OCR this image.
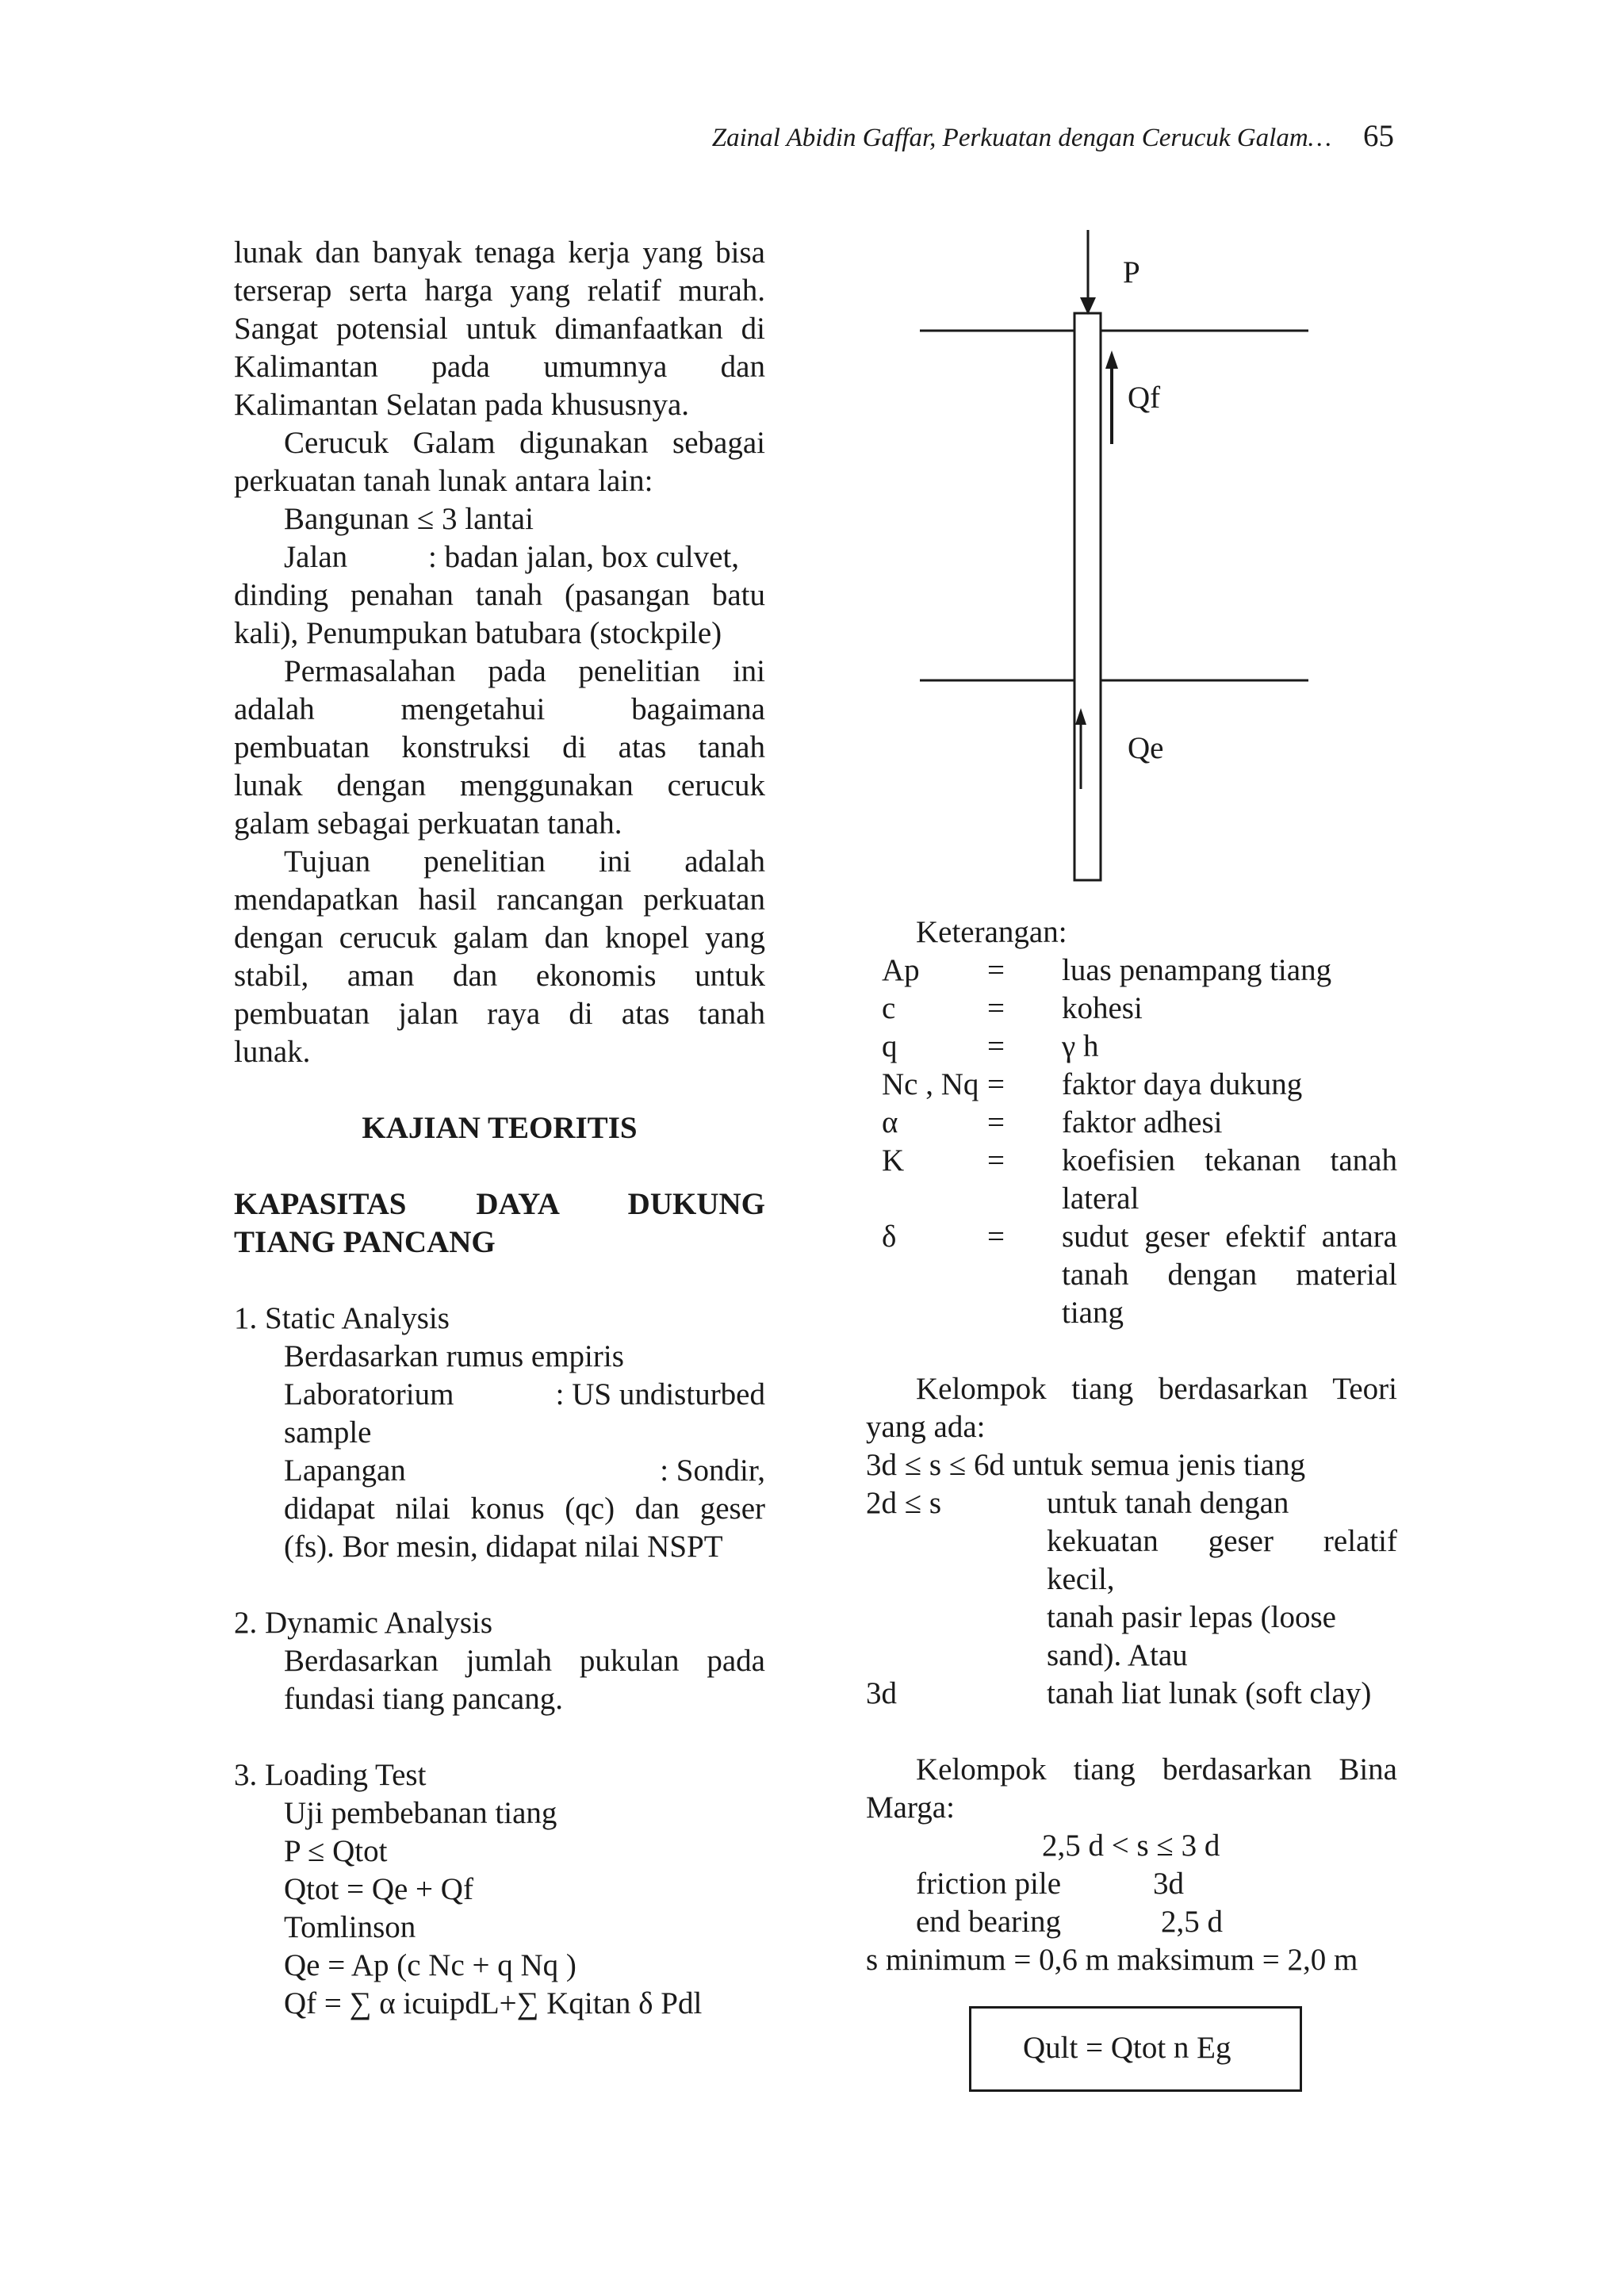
Zainal Abidin Gaffar, Perkuatan dengan Cerucuk Galam… 65
lunak dan banyak tenaga kerja yang bisa
terserap serta harga yang relatif murah.
Sangat potensial untuk dimanfaatkan di
Kalimantan pada umumnya dan
Kalimantan Selatan pada khususnya.
Cerucuk Galam digunakan sebagai
perkuatan tanah lunak antara lain:
Bangunan ≤ 3 lantai
Jalan	: badan jalan, box culvet,
dinding penahan tanah (pasangan batu
kali), Penumpukan batubara (stockpile)
Permasalahan pada penelitian ini
adalah mengetahui bagaimana
pembuatan konstruksi di atas tanah
lunak dengan menggunakan cerucuk
galam sebagai perkuatan tanah.
Tujuan penelitian ini adalah
mendapatkan hasil rancangan perkuatan
dengan cerucuk galam dan knopel yang
stabil, aman dan ekonomis untuk
pembuatan jalan raya di atas tanah
lunak.
KAJIAN TEORITIS
KAPASITAS DAYA DUKUNG
TIANG PANCANG
1. Static Analysis
Berdasarkan rumus empiris
Laboratorium	: US undisturbed
sample
Lapangan	: Sondir,
didapat nilai konus (qc) dan geser
(fs). Bor mesin, didapat nilai NSPT
2. Dynamic Analysis
Berdasarkan jumlah pukulan pada
fundasi tiang pancang.
3. Loading Test
Uji pembebanan tiang
P ≤ Qtot
Qtot = Qe + Qf
Tomlinson
Qe = Ap (c Nc + q Nq )
Qf = ∑ α icuipdL+∑ Kqitan δ Pdl
P
Qf
Qe
Keterangan:
Ap = luas penampang tiang
c	= kohesi
q	= γ h
Nc , Nq = faktor daya dukung
α	= faktor adhesi
K	= koefisien tekanan tanah lateral
δ	= sudut geser efektif antara tanah dengan material tiang
Kelompok tiang berdasarkan Teori
yang ada:
3d ≤ s ≤ 6d untuk semua jenis tiang
2d ≤ s	untuk tanah dengan
kekuatan geser relatif
kecil,
tanah pasir lepas (loose
sand). Atau
3d	tanah liat lunak (soft clay)
Kelompok tiang berdasarkan Bina
Marga:
2,5 d < s ≤ 3 d
friction pile	3d
end bearing	2,5 d
s minimum = 0,6 m maksimum = 2,0 m
Qult = Qtot n Eg
